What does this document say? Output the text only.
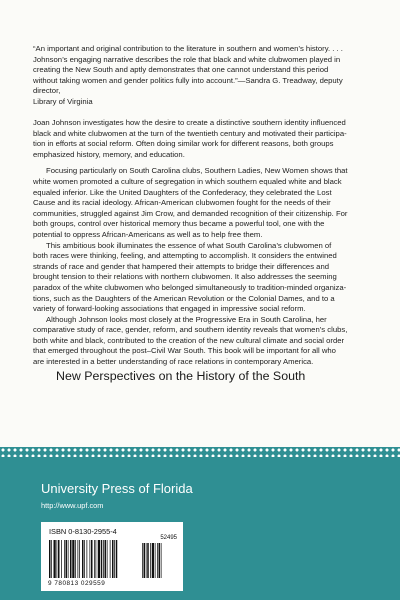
“An important and original contribution to the literature in southern and women’s history. . . .

Johnson’s engaging narrative describes the role that black and white clubwomen played in

creating the New South and aptly demonstrates that one cannot understand this period

without taking women and gender politics fully into account.”—Sandra G. Treadway, deputy

director,

Library of Virginia

Joan Johnson investigates how the desire to create a distinctive southern identity influenced

black and white clubwomen at the turn of the twentieth century and motivated their participa-

tion in efforts at social reform. Often doing similar work for different reasons, both groups

emphasized history, memory, and education.

Focusing particularly on South Carolina clubs, Southern Ladies, New Women shows that

white women promoted a culture of segregation in which southern equaled white and black

equaled inferior. Like the United Daughters of the Confederacy, they celebrated the Lost

Cause and its racial ideology. African-American clubwomen fought for the needs of their

communities, struggled against Jim Crow, and demanded recognition of their citizenship. For

both groups, control over historical memory thus became a powerful tool, one with the

potential to oppress African-Americans as well as to help free them.

This ambitious book illuminates the essence of what South Carolina’s clubwomen of

both races were thinking, feeling, and attempting to accomplish. It considers the entwined

strands of race and gender that hampered their attempts to bridge their differences and

brought tension to their relations with northern clubwomen. It also addresses the seeming

paradox of the white clubwomen who belonged simultaneously to tradition-minded organiza-

tions, such as the Daughters of the American Revolution or the Colonial Dames, and to a

variety of forward-looking associations that engaged in impressive social reform.

Although Johnson looks most closely at the Progressive Era in South Carolina, her

comparative study of race, gender, reform, and southern identity reveals that women’s clubs,

both white and black, contributed to the creation of the new cultural climate and social order

that emerged throughout the post–Civil War South. This book will be important for all who

are interested in a better understanding of race relations in contemporary America.

New Perspectives on the History of the South
University Press of Florida
http://www.upf.com
ISBN 0-8130-2955-4
52495
9 780813 029559
